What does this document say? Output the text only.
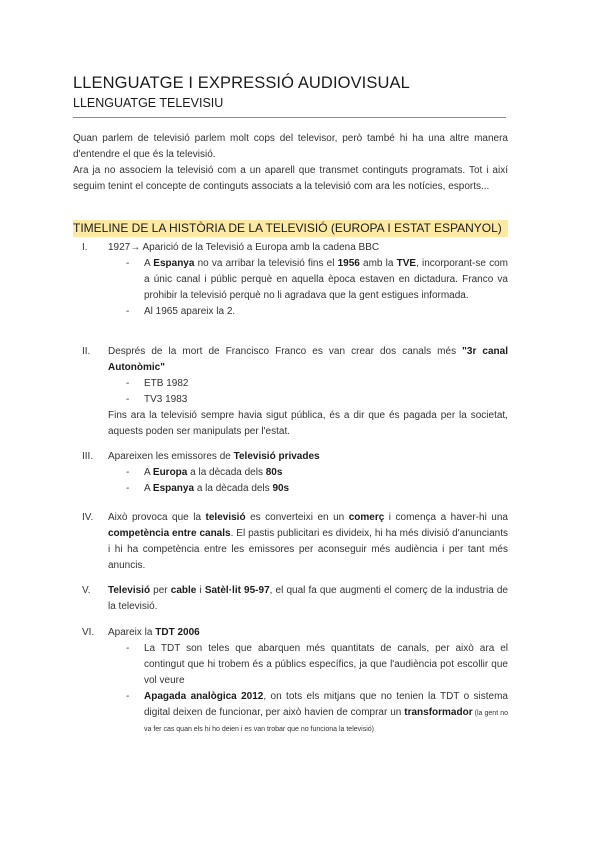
LLENGUATGE I EXPRESSIÓ AUDIOVISUAL
LLENGUATGE TELEVISIU

Quan parlem de televisió parlem molt cops del televisor, però també hi ha una altre manera d'entendre el que és la televisió.

Ara ja no associem la televisió com a un aparell que transmet continguts programats. Tot i així seguim tenint el concepte de continguts associats a la televisió com ara les notícies, esports...

TIMELINE DE LA HISTÒRIA DE LA TELEVISIÓ (EUROPA I ESTAT ESPANYOL)
I. 1927→ Aparició de la Televisió a Europa amb la cadena BBC

- A Espanya no va arribar la televisió fins el 1956 amb la TVE, incorporant-se com a únic canal i públic perquè en aquella època estaven en dictadura. Franco va prohibir la televisió perquè no li agradava que la gent estigues informada.
- Al 1965 apareix la 2.
II. Després de la mort de Francisco Franco es van crear dos canals més "3r canal Autonòmic"

- ETB 1982
- TV3 1983

Fins ara la televisió sempre havia sigut pública, és a dir que és pagada per la societat, aquests poden ser manipulats per l'estat.

III. Apareixen les emissores de Televisió privades

- A Europa a la dècada dels 80s
- A Espanya a la dècada dels 90s
IV. Això provoca que la televisió es converteixi en un comerç i comença a haver-hi una competència entre canals. El pastis publicitari es divideix, hi ha més divisió d'anunciants i hi ha competència entre les emissores per aconseguir més audiència i per tant més anuncis.

V. Televisió per cable i Satèl·lit 95-97, el qual fa que augmenti el comerç de la industria de la televisió.

VI. Apareix la TDT 2006

- La TDT son teles que abarquen més quantitats de canals, per això ara el contingut que hi trobem és a públics específics, ja que l'audiència pot escollir que vol veure
- Apagada analògica 2012, on tots els mitjans que no tenien la TDT o sistema digital deixen de funcionar, per això havien de comprar un transformador (la gent no va fer cas quan els hi ho deien i es van trobar que no funciona la televisió)
